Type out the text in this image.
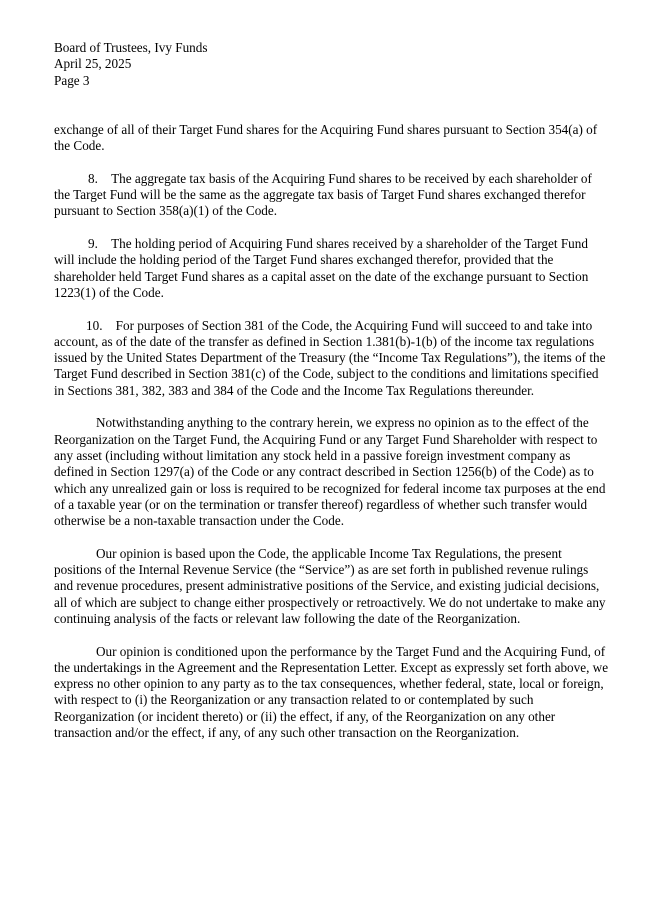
Board of Trustees, Ivy Funds
April 25, 2025
Page 3

exchange of all of their Target Fund shares for the Acquiring Fund shares pursuant to Section 354(a) of the Code.

8. The aggregate tax basis of the Acquiring Fund shares to be received by each shareholder of the Target Fund will be the same as the aggregate tax basis of Target Fund shares exchanged therefor pursuant to Section 358(a)(1) of the Code.

9. The holding period of Acquiring Fund shares received by a shareholder of the Target Fund will include the holding period of the Target Fund shares exchanged therefor, provided that the shareholder held Target Fund shares as a capital asset on the date of the exchange pursuant to Section 1223(1) of the Code.

10. For purposes of Section 381 of the Code, the Acquiring Fund will succeed to and take into account, as of the date of the transfer as defined in Section 1.381(b)-1(b) of the income tax regulations issued by the United States Department of the Treasury (the “Income Tax Regulations”), the items of the Target Fund described in Section 381(c) of the Code, subject to the conditions and limitations specified in Sections 381, 382, 383 and 384 of the Code and the Income Tax Regulations thereunder.

Notwithstanding anything to the contrary herein, we express no opinion as to the effect of the Reorganization on the Target Fund, the Acquiring Fund or any Target Fund Shareholder with respect to any asset (including without limitation any stock held in a passive foreign investment company as defined in Section 1297(a) of the Code or any contract described in Section 1256(b) of the Code) as to which any unrealized gain or loss is required to be recognized for federal income tax purposes at the end of a taxable year (or on the termination or transfer thereof) regardless of whether such transfer would otherwise be a non-taxable transaction under the Code.

Our opinion is based upon the Code, the applicable Income Tax Regulations, the present positions of the Internal Revenue Service (the “Service”) as are set forth in published revenue rulings and revenue procedures, present administrative positions of the Service, and existing judicial decisions, all of which are subject to change either prospectively or retroactively. We do not undertake to make any continuing analysis of the facts or relevant law following the date of the Reorganization.

Our opinion is conditioned upon the performance by the Target Fund and the Acquiring Fund, of the undertakings in the Agreement and the Representation Letter. Except as expressly set forth above, we express no other opinion to any party as to the tax consequences, whether federal, state, local or foreign, with respect to (i) the Reorganization or any transaction related to or contemplated by such Reorganization (or incident thereto) or (ii) the effect, if any, of the Reorganization on any other transaction and/or the effect, if any, of any such other transaction on the Reorganization.
